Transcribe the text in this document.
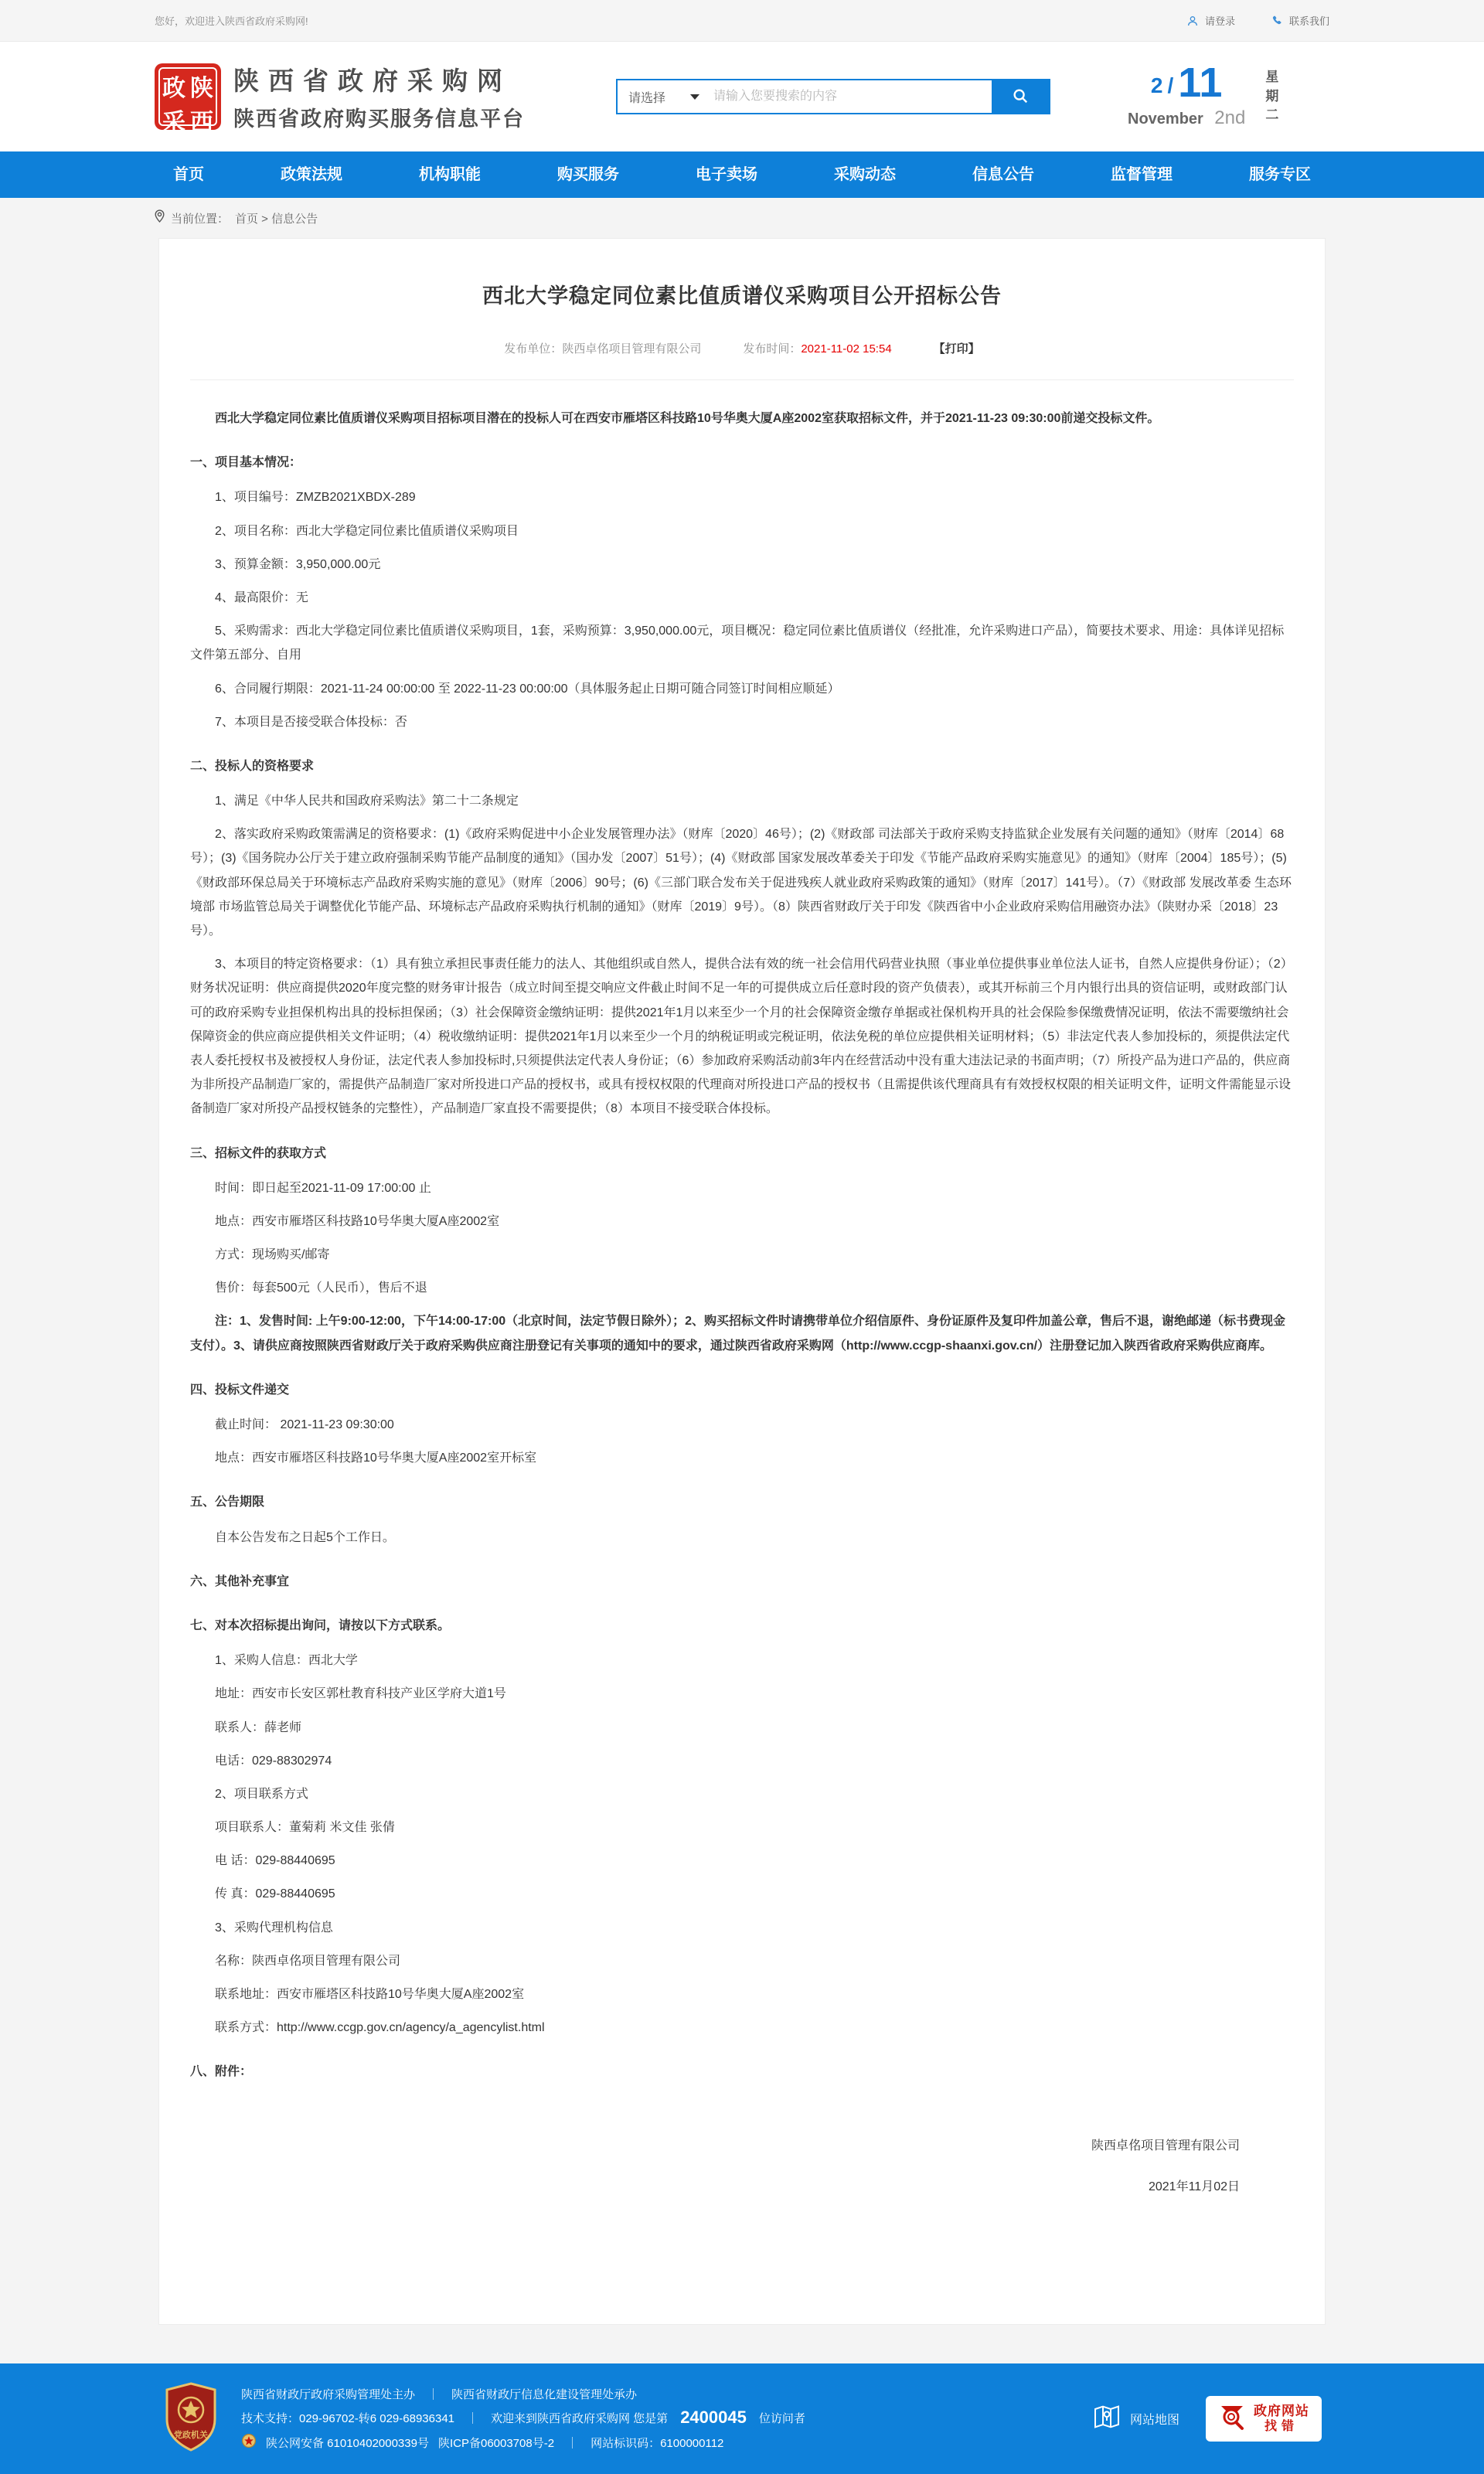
您好，欢迎进入陕西省政府采购网!	请登录	联系我们
政 陕
采 西
陕西省政府采购网
陕西省政府购买服务信息平台
请选择
请输入您要搜索的内容
2 / 11
November 2nd
星
期
二
首页	政策法规	机构职能	购买服务	电子卖场	采购动态	信息公告	监督管理	服务专区
当前位置： 首页 > 信息公告
西北大学稳定同位素比值质谱仪采购项目公开招标公告
发布单位：陕西卓佲项目管理有限公司	发布时间：2021-11-02 15:54	【打印】

西北大学稳定同位素比值质谱仪采购项目招标项目潜在的投标人可在西安市雁塔区科技路10号华奥大厦A座2002室获取招标文件，并于2021-11-23 09:30:00前递交投标文件。

一、项目基本情况：

1、项目编号：ZMZB2021XBDX-289

2、项目名称：西北大学稳定同位素比值质谱仪采购项目

3、预算金额：3,950,000.00元

4、最高限价：无

5、采购需求：西北大学稳定同位素比值质谱仪采购项目，1套，采购预算：3,950,000.00元，项目概况：稳定同位素比值质谱仪（经批准，允许采购进口产品），简要技术要求、用途：具体详见招标文件第五部分、自用

6、合同履行期限：2021-11-24 00:00:00 至 2022-11-23 00:00:00（具体服务起止日期可随合同签订时间相应顺延）

7、本项目是否接受联合体投标：否

二、投标人的资格要求

1、满足《中华人民共和国政府采购法》第二十二条规定

2、落实政府采购政策需满足的资格要求：(1)《政府采购促进中小企业发展管理办法》（财库〔2020〕46号）；(2)《财政部 司法部关于政府采购支持监狱企业发展有关问题的通知》（财库〔2014〕68号）；(3)《国务院办公厅关于建立政府强制采购节能产品制度的通知》（国办发〔2007〕51号）；(4)《财政部 国家发展改革委关于印发《节能产品政府采购实施意见》的通知》（财库〔2004〕185号）；(5)《财政部环保总局关于环境标志产品政府采购实施的意见》（财库〔2006〕90号；(6)《三部门联合发布关于促进残疾人就业政府采购政策的通知》（财库〔2017〕141号）。（7）《财政部 发展改革委 生态环境部 市场监管总局关于调整优化节能产品、环境标志产品政府采购执行机制的通知》（财库〔2019〕9号）。（8）陕西省财政厅关于印发《陕西省中小企业政府采购信用融资办法》（陕财办采〔2018〕23号）。

3、本项目的特定资格要求：（1）具有独立承担民事责任能力的法人、其他组织或自然人，提供合法有效的统一社会信用代码营业执照（事业单位提供事业单位法人证书，自然人应提供身份证）；（2）财务状况证明：供应商提供2020年度完整的财务审计报告（成立时间至提交响应文件截止时间不足一年的可提供成立后任意时段的资产负债表），或其开标前三个月内银行出具的资信证明，或财政部门认可的政府采购专业担保机构出具的投标担保函；（3）社会保障资金缴纳证明：提供2021年1月以来至少一个月的社会保障资金缴存单据或社保机构开具的社会保险参保缴费情况证明，依法不需要缴纳社会保障资金的供应商应提供相关文件证明；（4）税收缴纳证明：提供2021年1月以来至少一个月的纳税证明或完税证明，依法免税的单位应提供相关证明材料；（5）非法定代表人参加投标的，须提供法定代表人委托授权书及被授权人身份证，法定代表人参加投标时,只须提供法定代表人身份证；（6）参加政府采购活动前3年内在经营活动中没有重大违法记录的书面声明；（7）所投产品为进口产品的，供应商为非所投产品制造厂家的，需提供产品制造厂家对所投进口产品的授权书，或具有授权权限的代理商对所投进口产品的授权书（且需提供该代理商具有有效授权权限的相关证明文件，证明文件需能显示设备制造厂家对所投产品授权链条的完整性），产品制造厂家直投不需要提供；（8）本项目不接受联合体投标。

三、招标文件的获取方式

时间：即日起至2021-11-09 17:00:00 止

地点：西安市雁塔区科技路10号华奥大厦A座2002室

方式：现场购买/邮寄

售价：每套500元（人民币），售后不退

注：1、发售时间: 上午9:00-12:00，下午14:00-17:00（北京时间，法定节假日除外）；2、购买招标文件时请携带单位介绍信原件、身份证原件及复印件加盖公章，售后不退，谢绝邮递（标书费现金支付）。3、请供应商按照陕西省财政厅关于政府采购供应商注册登记有关事项的通知中的要求，通过陕西省政府采购网（http://www.ccgp-shaanxi.gov.cn/）注册登记加入陕西省政府采购供应商库。

四、投标文件递交

截止时间： 2021-11-23 09:30:00

地点：西安市雁塔区科技路10号华奥大厦A座2002室开标室

五、公告期限

自本公告发布之日起5个工作日。

六、其他补充事宜

七、对本次招标提出询问，请按以下方式联系。

1、采购人信息：西北大学

地址：西安市长安区郭杜教育科技产业区学府大道1号

联系人：薛老师

电话：029-88302974

2、项目联系方式

项目联系人：董菊莉 米文佳 张倩

电 话：029-88440695

传 真：029-88440695

3、采购代理机构信息

名称：陕西卓佲项目管理有限公司

联系地址：西安市雁塔区科技路10号华奥大厦A座2002室

联系方式：http://www.ccgp.gov.cn/agency/a_agencylist.html

八、附件：

陕西卓佲项目管理有限公司

2021年11月02日

党政机关
陕西省财政厅政府采购管理处主办 ｜ 陕西省财政厅信息化建设管理处承办
技术支持：029-96702-转6 029-68936341 ｜ 欢迎来到陕西省政府采购网 您是第 2400045 位访问者
陕公网安备 61010402000339号 陕ICP备06003708号-2 ｜ 网站标识码：6100000112
网站地图
政府网站
找错
